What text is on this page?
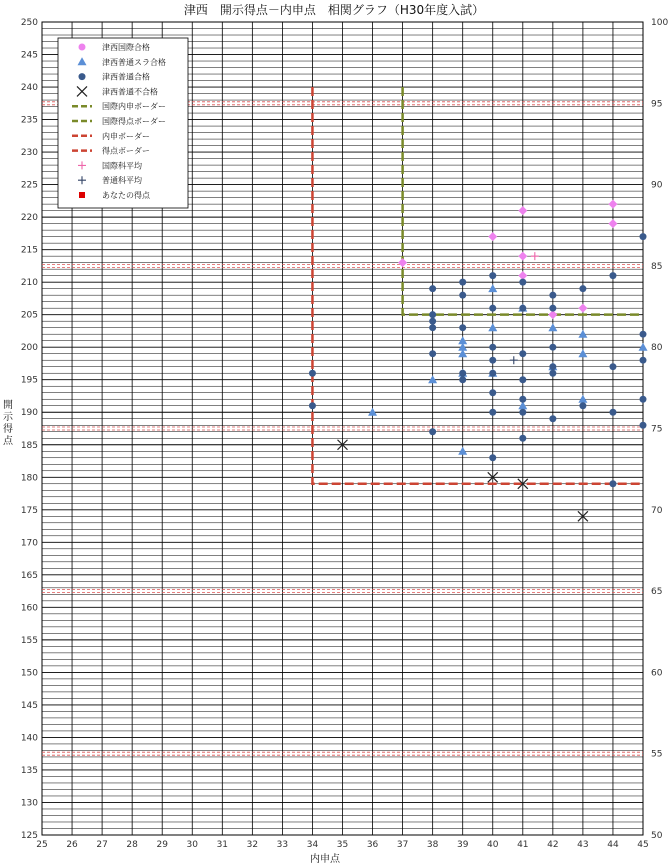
津西　開示得点－内申点　相関グラフ（H30年度入試）
25 26 27 28 29 30 31 32 33 34 35 36 37 38 39 40 41 42 43 44 45
125
130
135
140
145
150
155
160
165
170
175
180
185
190
195
200
205
210
215
220
225
230
235
240
245
250
50
55
60
65
70
75
80
85
90
95
100
内申点
開
示
得
点
津西国際合格
津西普通スラ合格
津西普通合格
津西普通不合格
国際内申ボーダー
国際得点ボーダー
内申ボーダー
得点ボーダー
国際科平均
普通科平均
あなたの得点
